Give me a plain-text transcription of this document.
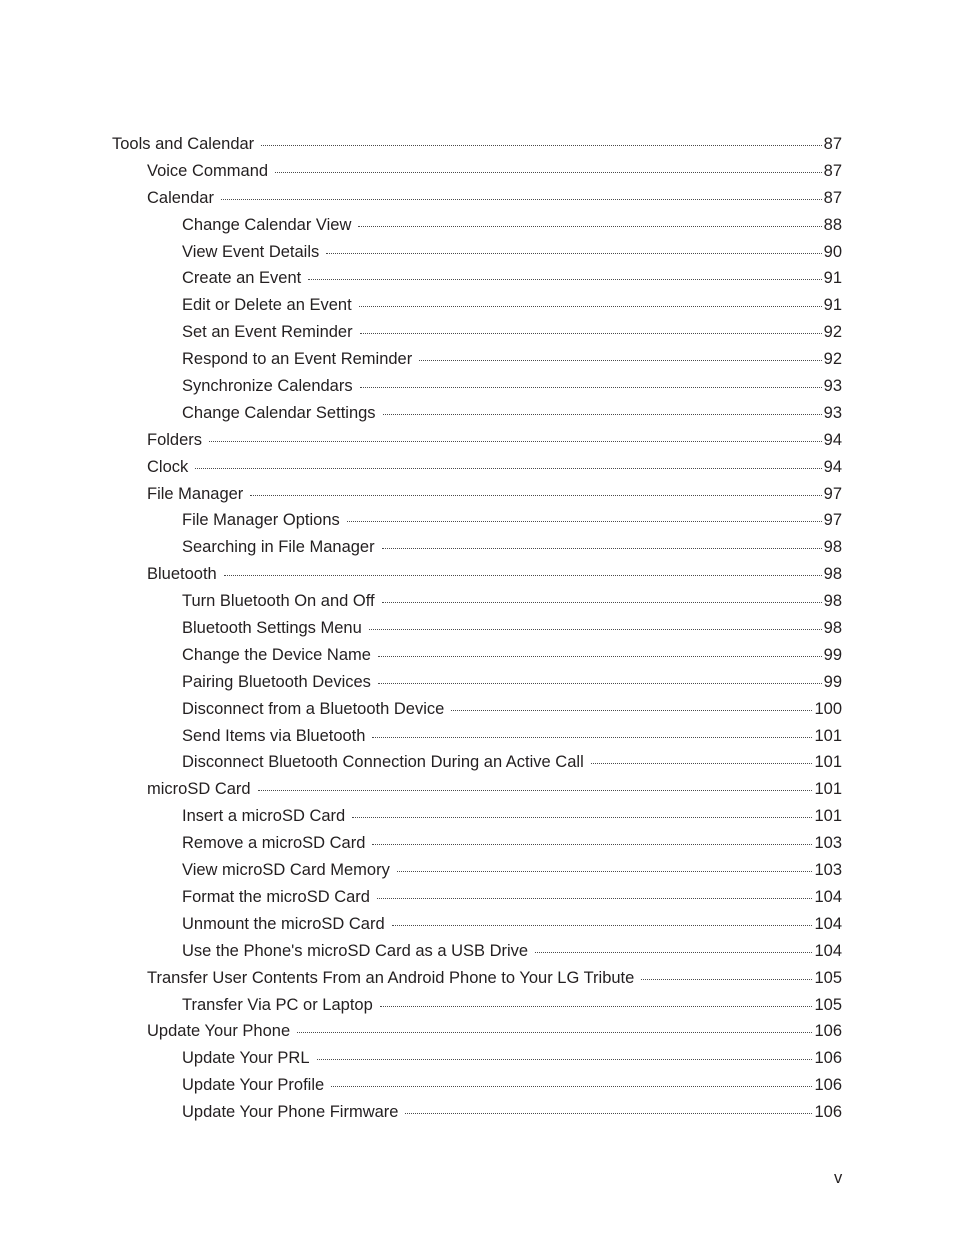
Tools and Calendar	87
Voice Command	87
Calendar	87
Change Calendar View	88
View Event Details	90
Create an Event	91
Edit or Delete an Event	91
Set an Event Reminder	92
Respond to an Event Reminder	92
Synchronize Calendars	93
Change Calendar Settings	93
Folders	94
Clock	94
File Manager	97
File Manager Options	97
Searching in File Manager	98
Bluetooth	98
Turn Bluetooth On and Off	98
Bluetooth Settings Menu	98
Change the Device Name	99
Pairing Bluetooth Devices	99
Disconnect from a Bluetooth Device	100
Send Items via Bluetooth	101
Disconnect Bluetooth Connection During an Active Call	101
microSD Card	101
Insert a microSD Card	101
Remove a microSD Card	103
View microSD Card Memory	103
Format the microSD Card	104
Unmount the microSD Card	104
Use the Phone's microSD Card as a USB Drive	104
Transfer User Contents From an Android Phone to Your LG Tribute	105
Transfer Via PC or Laptop	105
Update Your Phone	106
Update Your PRL	106
Update Your Profile	106
Update Your Phone Firmware	106
v
